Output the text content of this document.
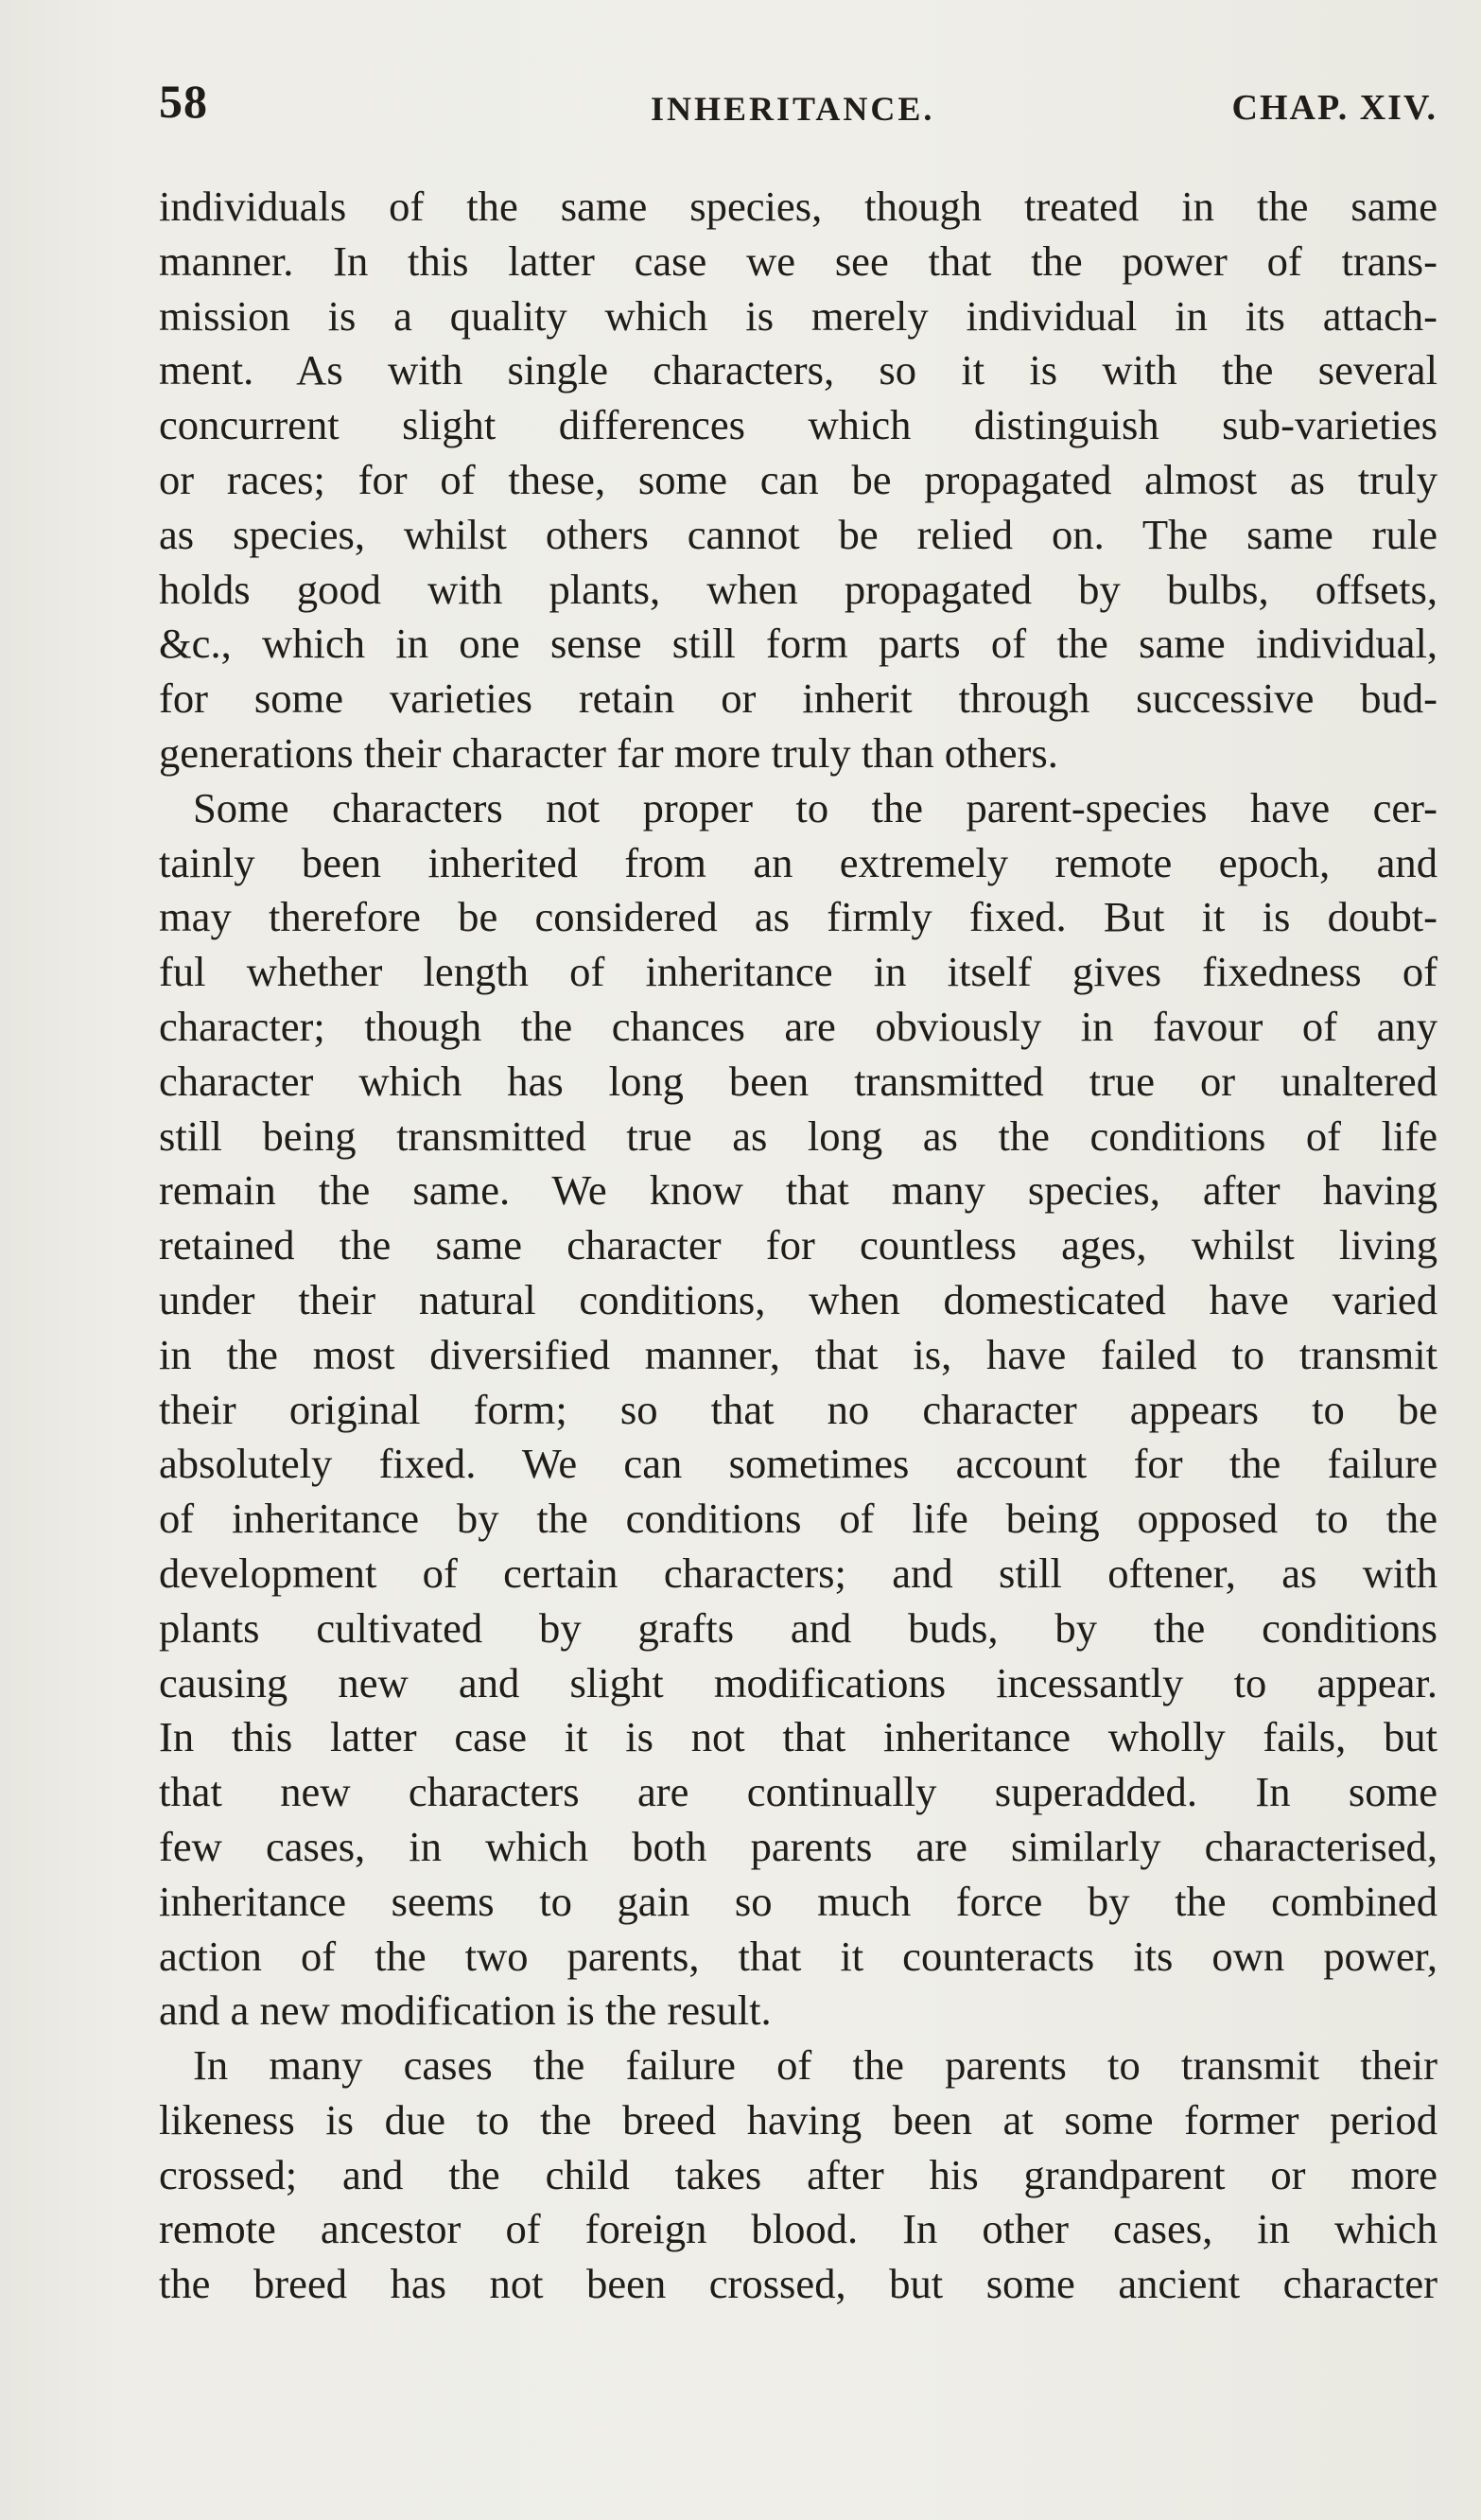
58	INHERITANCE.	CHAP. XIV.

individuals of the same species, though treated in the same
manner. In this latter case we see that the power of trans-
mission is a quality which is merely individual in its attach-
ment. As with single characters, so it is with the several
concurrent slight differences which distinguish sub-varieties
or races; for of these, some can be propagated almost as truly
as species, whilst others cannot be relied on. The same rule
holds good with plants, when propagated by bulbs, offsets,
&c., which in one sense still form parts of the same individual,
for some varieties retain or inherit through successive bud-
generations their character far more truly than others.

Some characters not proper to the parent-species have cer-
tainly been inherited from an extremely remote epoch, and
may therefore be considered as firmly fixed. But it is doubt-
ful whether length of inheritance in itself gives fixedness of
character; though the chances are obviously in favour of any
character which has long been transmitted true or unaltered
still being transmitted true as long as the conditions of life
remain the same. We know that many species, after having
retained the same character for countless ages, whilst living
under their natural conditions, when domesticated have varied
in the most diversified manner, that is, have failed to transmit
their original form; so that no character appears to be
absolutely fixed. We can sometimes account for the failure
of inheritance by the conditions of life being opposed to the
development of certain characters; and still oftener, as with
plants cultivated by grafts and buds, by the conditions
causing new and slight modifications incessantly to appear.
In this latter case it is not that inheritance wholly fails, but
that new characters are continually superadded. In some
few cases, in which both parents are similarly characterised,
inheritance seems to gain so much force by the combined
action of the two parents, that it counteracts its own power,
and a new modification is the result.

In many cases the failure of the parents to transmit their
likeness is due to the breed having been at some former period
crossed; and the child takes after his grandparent or more
remote ancestor of foreign blood. In other cases, in which
the breed has not been crossed, but some ancient character
